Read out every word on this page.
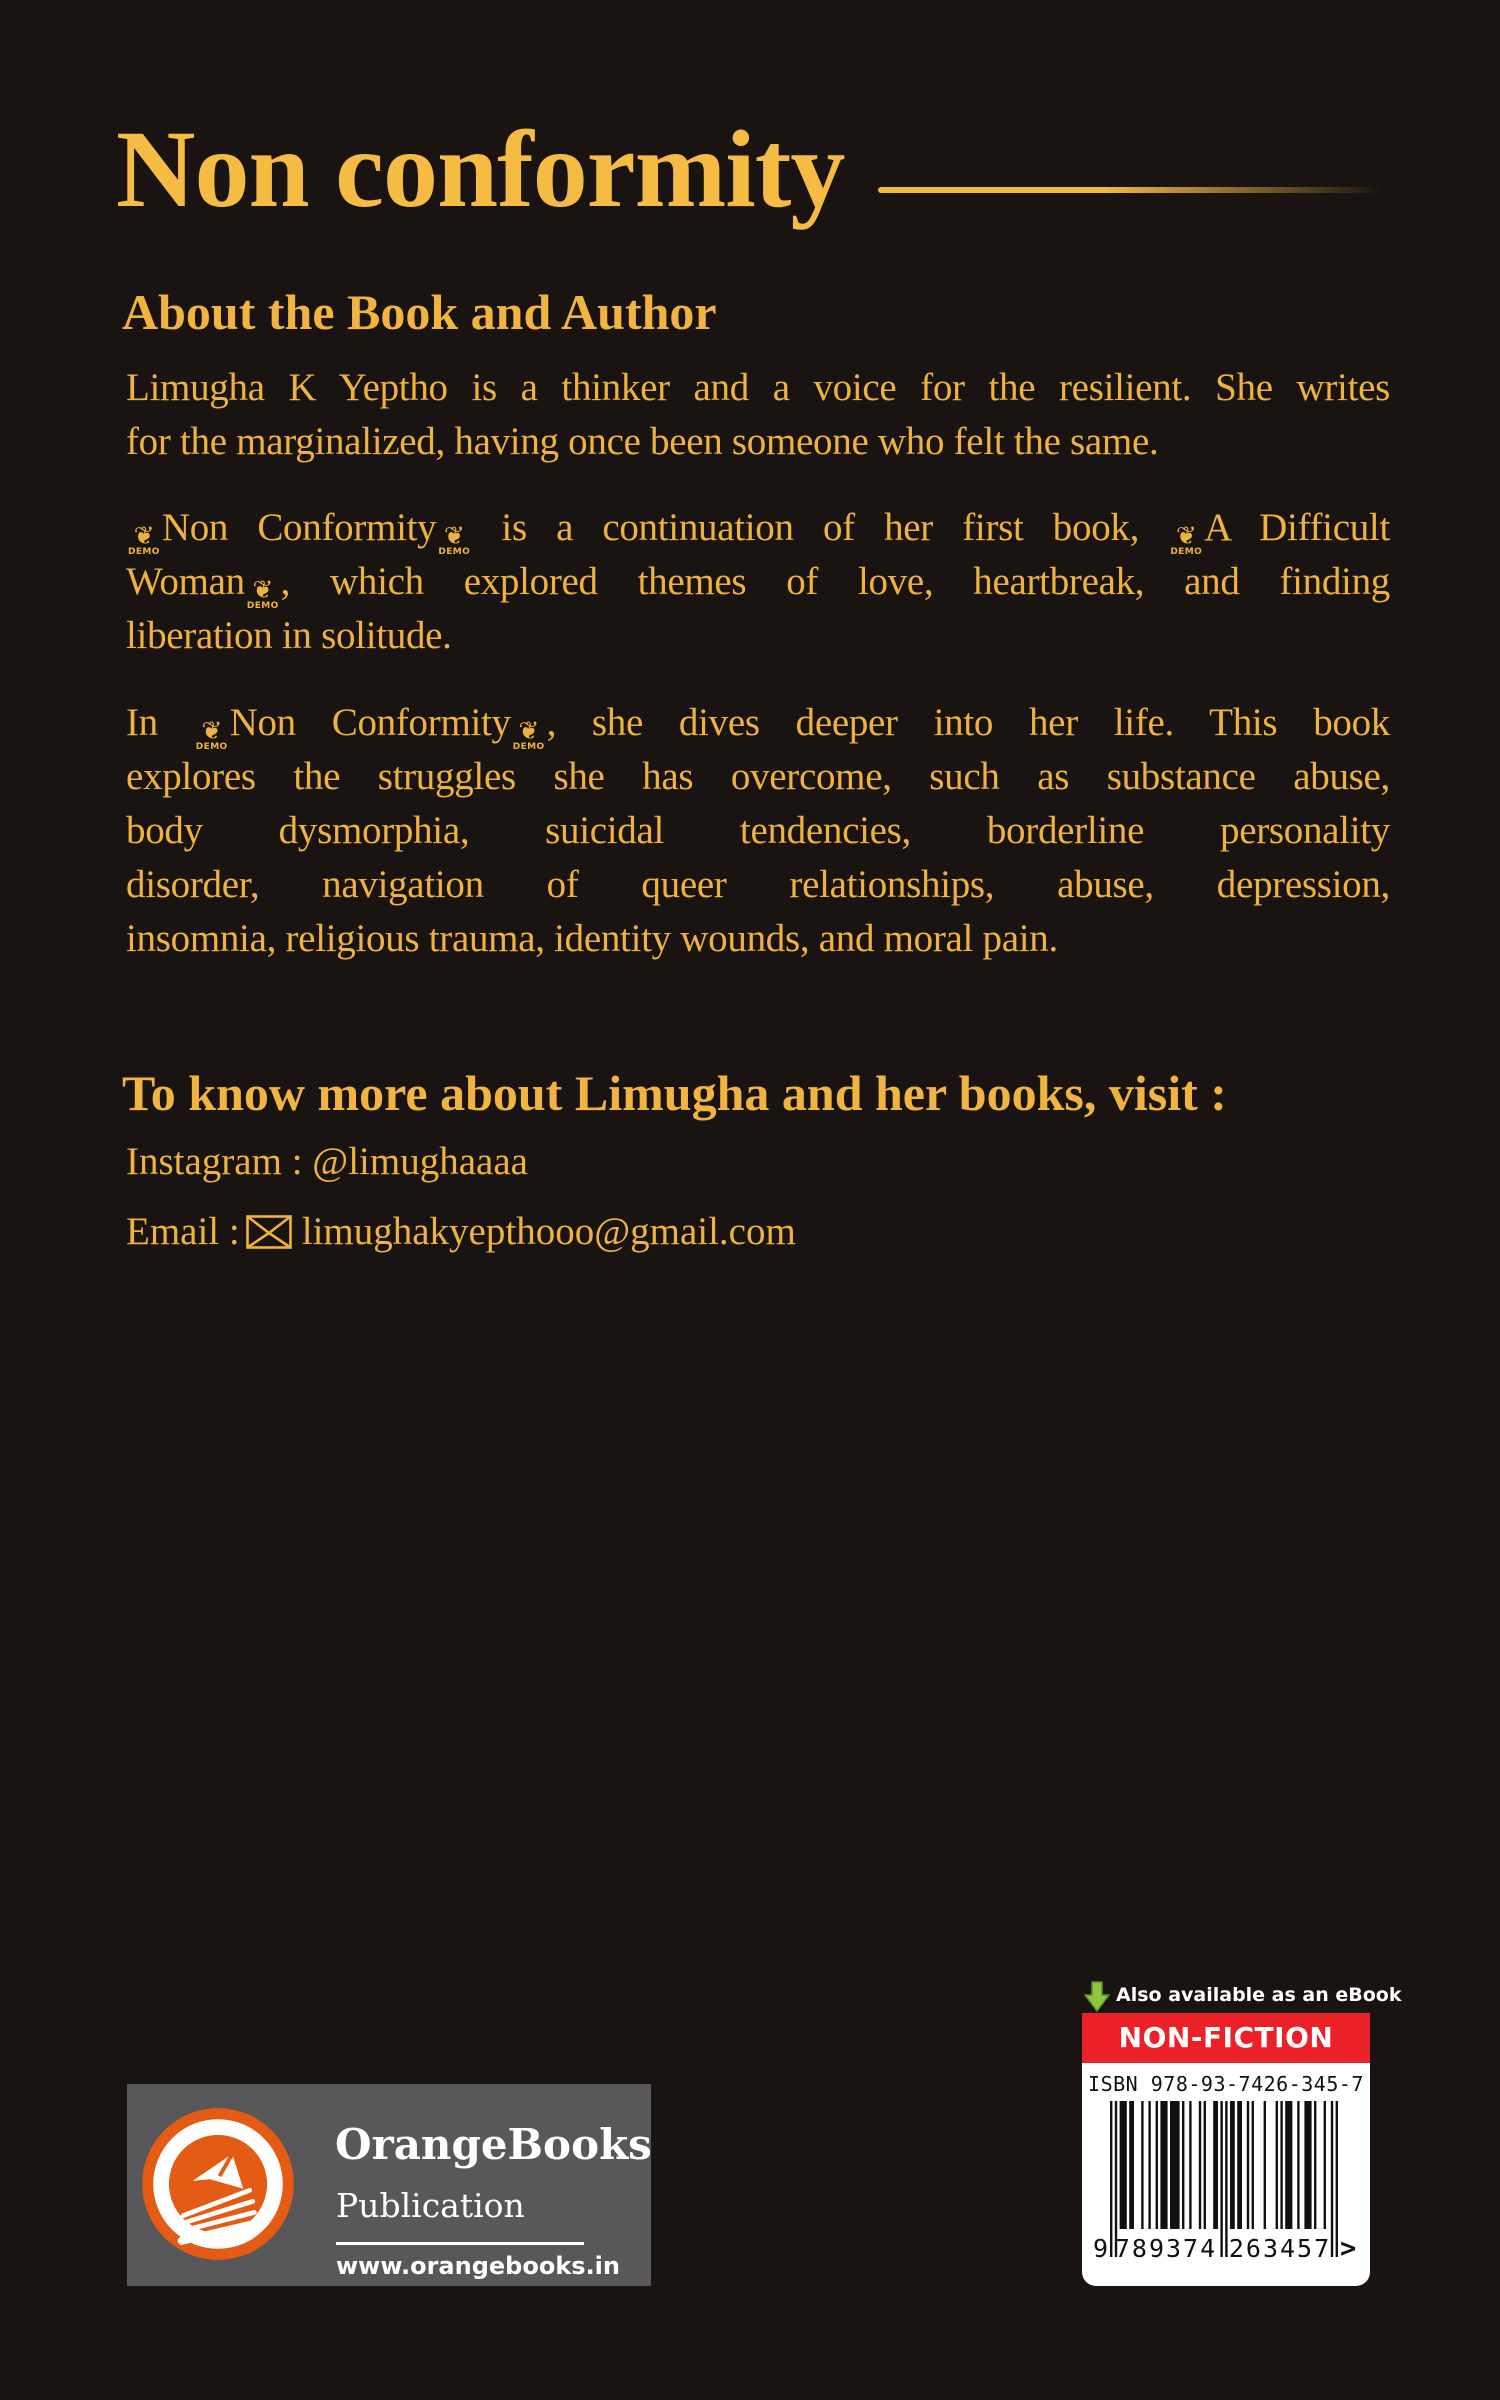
Non conformity
About the Book and Author
Limugha K Yeptho is a thinker and a voice for the resilient. She writes
for the marginalized, having once been someone who felt the same.
❦
DEMO
Non Conformity ❦
DEMO
is a continuation of her first book, ❦
DEMO
A Difficult
Woman ❦
DEMO
, which explored themes of love, heartbreak, and finding
liberation in solitude.
In ❦
DEMO
Non Conformity ❦
DEMO
, she dives deeper into her life. This book
explores the struggles she has overcome, such as substance abuse,
body dysmorphia, suicidal tendencies, borderline personality
disorder, navigation of queer relationships, abuse, depression,
insomnia, religious trauma, identity wounds, and moral pain.
To know more about Limugha and her books, visit :
Instagram : @limughaaaa
Email : limughakyepthooo@gmail.com
OrangeBooks
Publication
www.orangebooks.in
Also available as an eBook
NON-FICTION
ISBN 978-93-7426-345-7
9 789374 263457 >
